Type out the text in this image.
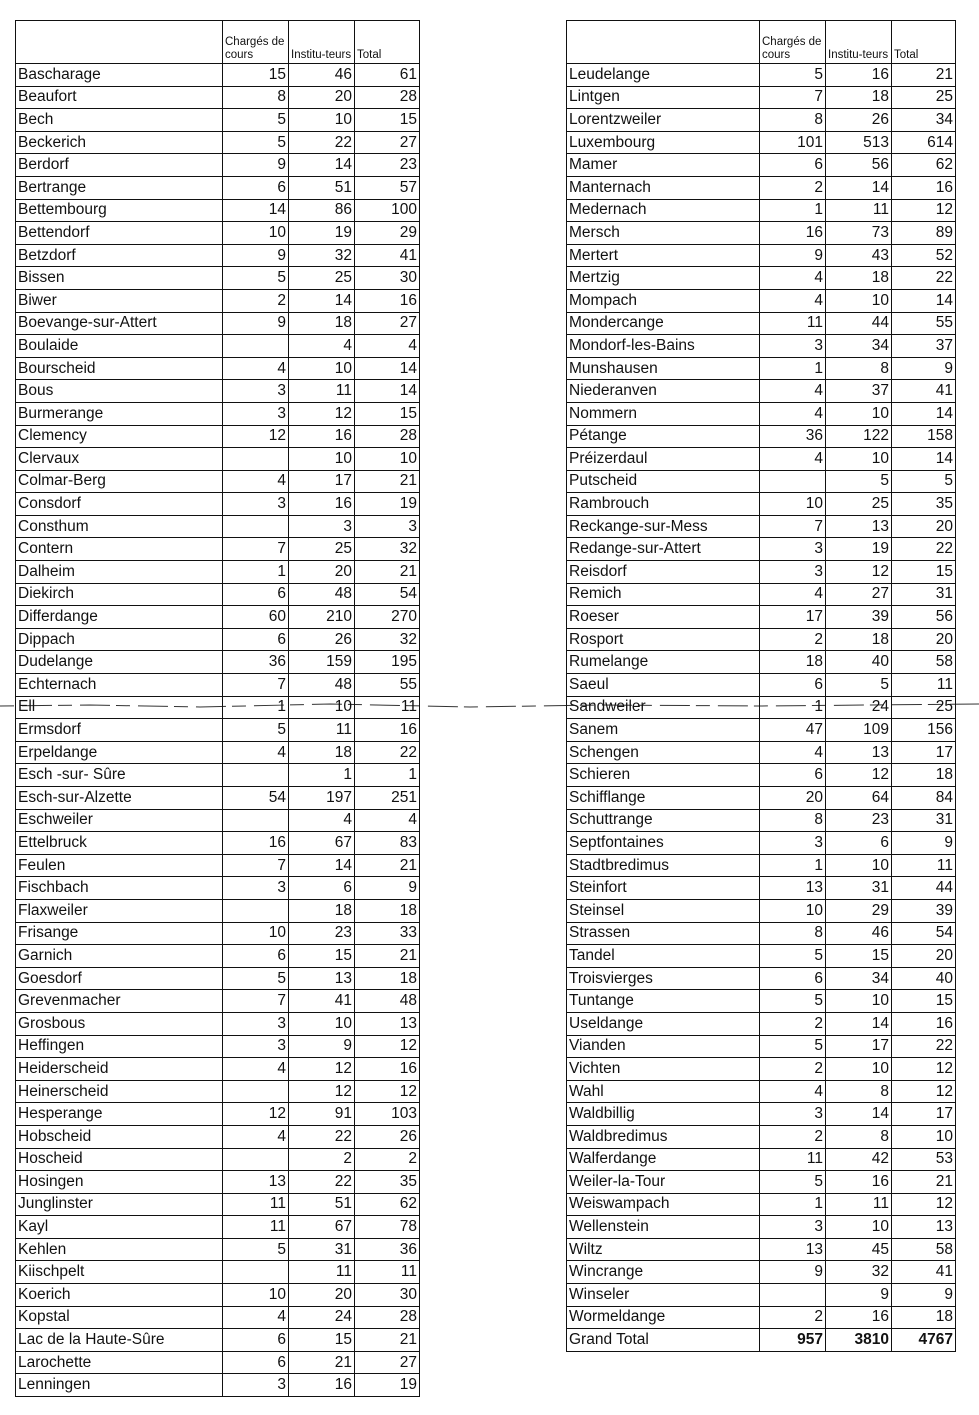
	Chargés de cours	Institu-teurs	Total
Bascharage	15	46	61
Beaufort	8	20	28
Bech	5	10	15
Beckerich	5	22	27
Berdorf	9	14	23
Bertrange	6	51	57
Bettembourg	14	86	100
Bettendorf	10	19	29
Betzdorf	9	32	41
Bissen	5	25	30
Biwer	2	14	16
Boevange-sur-Attert	9	18	27
Boulaide		4	4
Bourscheid	4	10	14
Bous	3	11	14
Burmerange	3	12	15
Clemency	12	16	28
Clervaux		10	10
Colmar-Berg	4	17	21
Consdorf	3	16	19
Consthum		3	3
Contern	7	25	32
Dalheim	1	20	21
Diekirch	6	48	54
Differdange	60	210	270
Dippach	6	26	32
Dudelange	36	159	195
Echternach	7	48	55
Ell	1	10	11
Ermsdorf	5	11	16
Erpeldange	4	18	22
Esch -sur- Sûre		1	1
Esch-sur-Alzette	54	197	251
Eschweiler		4	4
Ettelbruck	16	67	83
Feulen	7	14	21
Fischbach	3	6	9
Flaxweiler		18	18
Frisange	10	23	33
Garnich	6	15	21
Goesdorf	5	13	18
Grevenmacher	7	41	48
Grosbous	3	10	13
Heffingen	3	9	12
Heiderscheid	4	12	16
Heinerscheid		12	12
Hesperange	12	91	103
Hobscheid	4	22	26
Hoscheid		2	2
Hosingen	13	22	35
Junglinster	11	51	62
Kayl	11	67	78
Kehlen	5	31	36
Kiischpelt		11	11
Koerich	10	20	30
Kopstal	4	24	28
Lac de la Haute-Sûre	6	15	21
Larochette	6	21	27
Lenningen	3	16	19
	Chargés de cours	Institu-teurs	Total
Leudelange	5	16	21
Lintgen	7	18	25
Lorentzweiler	8	26	34
Luxembourg	101	513	614
Mamer	6	56	62
Manternach	2	14	16
Medernach	1	11	12
Mersch	16	73	89
Mertert	9	43	52
Mertzig	4	18	22
Mompach	4	10	14
Mondercange	11	44	55
Mondorf-les-Bains	3	34	37
Munshausen	1	8	9
Niederanven	4	37	41
Nommern	4	10	14
Pétange	36	122	158
Préizerdaul	4	10	14
Putscheid		5	5
Rambrouch	10	25	35
Reckange-sur-Mess	7	13	20
Redange-sur-Attert	3	19	22
Reisdorf	3	12	15
Remich	4	27	31
Roeser	17	39	56
Rosport	2	18	20
Rumelange	18	40	58
Saeul	6	5	11
Sandweiler	1	24	25
Sanem	47	109	156
Schengen	4	13	17
Schieren	6	12	18
Schifflange	20	64	84
Schuttrange	8	23	31
Septfontaines	3	6	9
Stadtbredimus	1	10	11
Steinfort	13	31	44
Steinsel	10	29	39
Strassen	8	46	54
Tandel	5	15	20
Troisvierges	6	34	40
Tuntange	5	10	15
Useldange	2	14	16
Vianden	5	17	22
Vichten	2	10	12
Wahl	4	8	12
Waldbillig	3	14	17
Waldbredimus	2	8	10
Walferdange	11	42	53
Weiler-la-Tour	5	16	21
Weiswampach	1	11	12
Wellenstein	3	10	13
Wiltz	13	45	58
Wincrange	9	32	41
Winseler		9	9
Wormeldange	2	16	18
Grand Total	957	3810	4767
